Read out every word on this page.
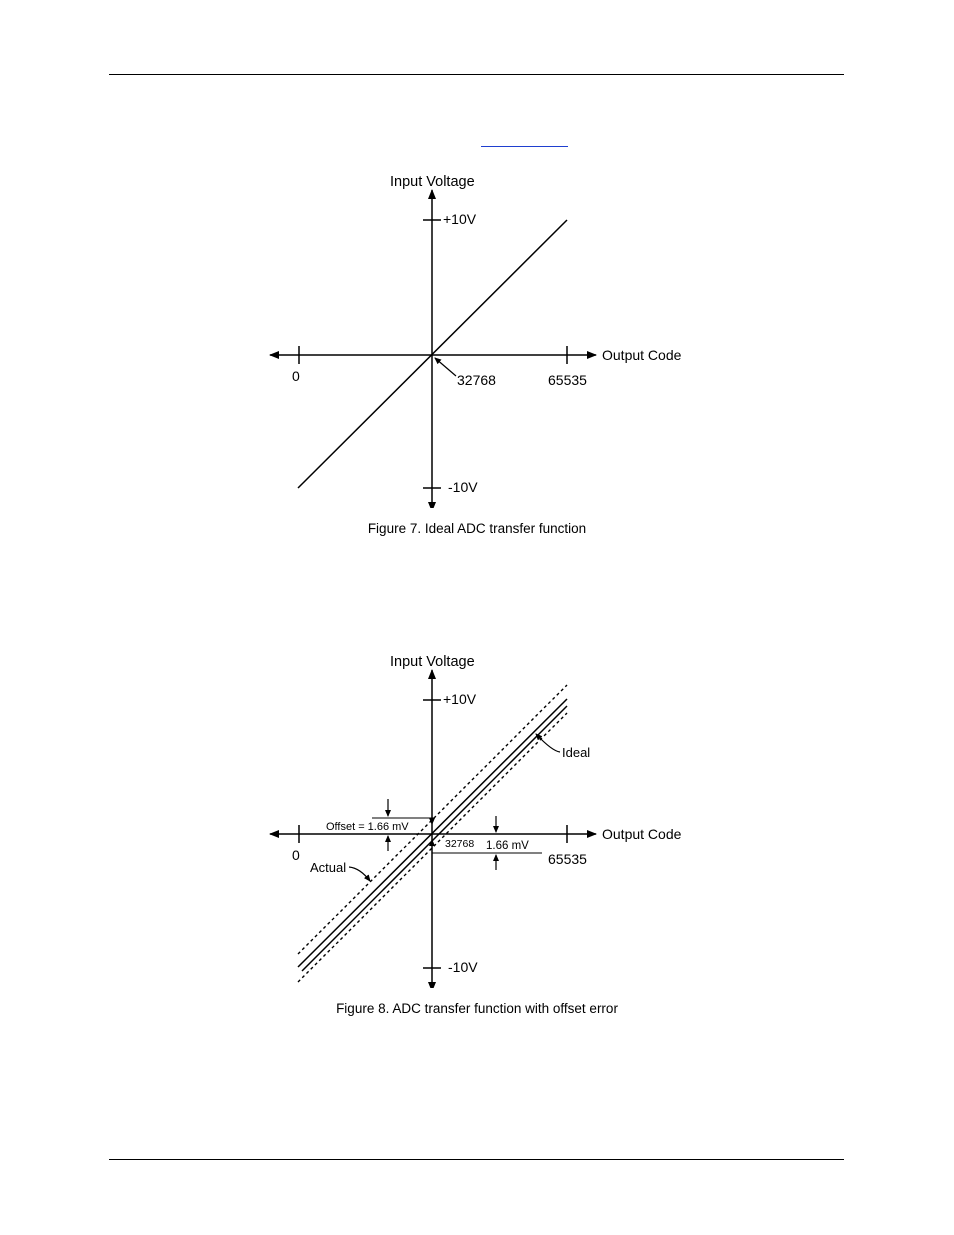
Input Voltage
+10V
-10V
Output Code
0	32768	65535
Figure 7. Ideal ADC transfer function
Ideal
Actual
Offset = 1.66 mV
1.66 mV
Input Voltage
+10V
-10V
Output Code
0
32768
65535
Figure 8. ADC transfer function with offset error
